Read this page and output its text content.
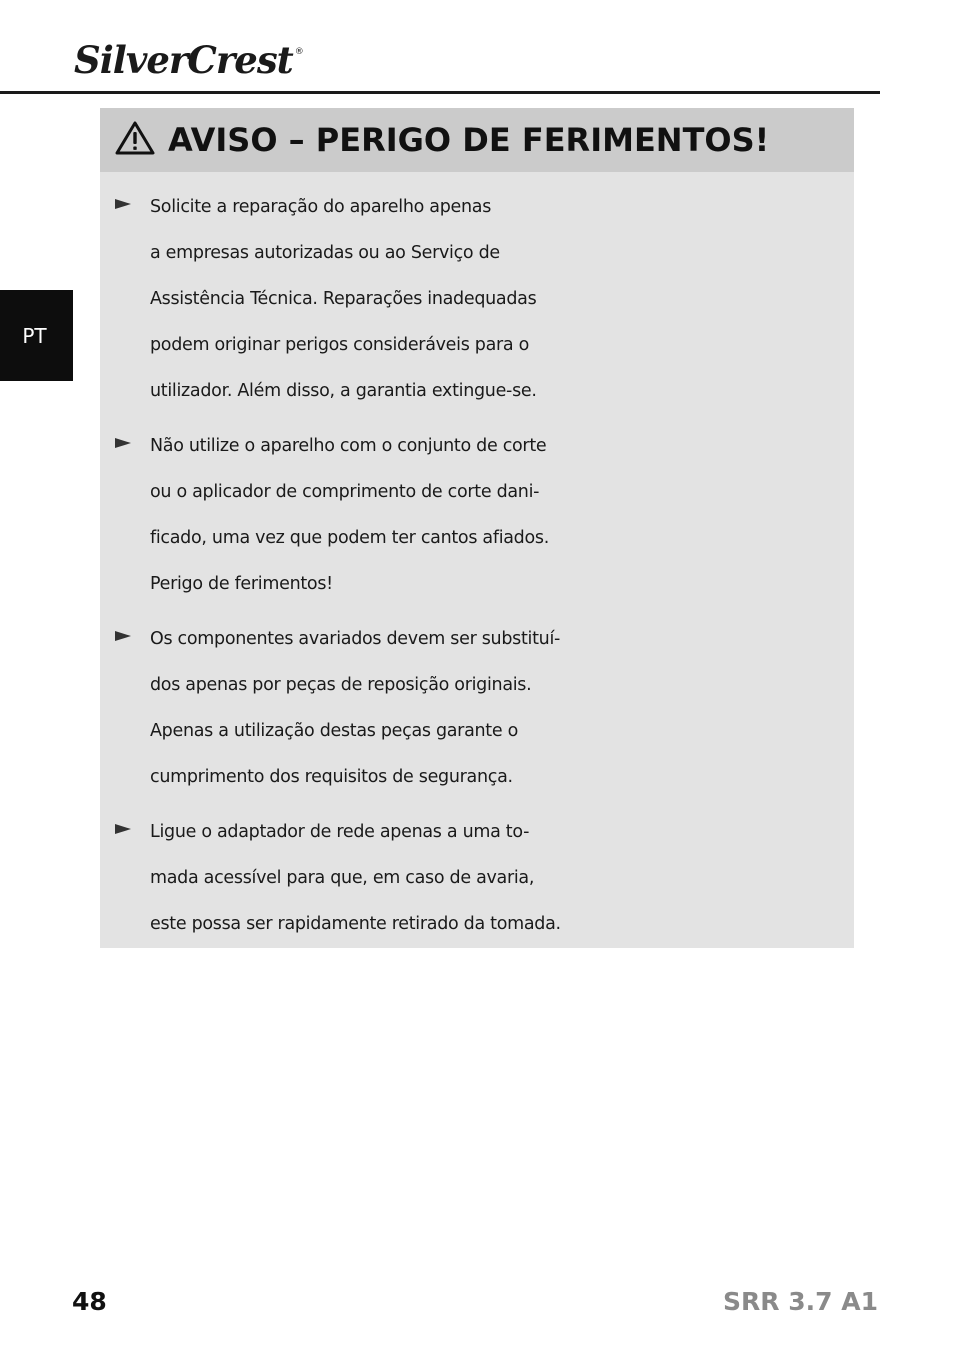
SilverCrest ®
PT
AVISO – PERIGO DE FERIMENTOS!
Solicite a reparação do aparelho apenas
a empresas autorizadas ou ao Serviço de
Assistência Técnica. Reparações inadequadas
podem originar perigos consideráveis para o
utilizador. Além disso, a garantia extingue-se.
Não utilize o aparelho com o conjunto de corte
ou o aplicador de comprimento de corte dani-
ficado, uma vez que podem ter cantos afiados.
Perigo de ferimentos!
Os componentes avariados devem ser substituí-
dos apenas por peças de reposição originais.
Apenas a utilização destas peças garante o
cumprimento dos requisitos de segurança.
Ligue o adaptador de rede apenas a uma to-
mada acessível para que, em caso de avaria,
este possa ser rapidamente retirado da tomada.
48	SRR 3.7 A1
